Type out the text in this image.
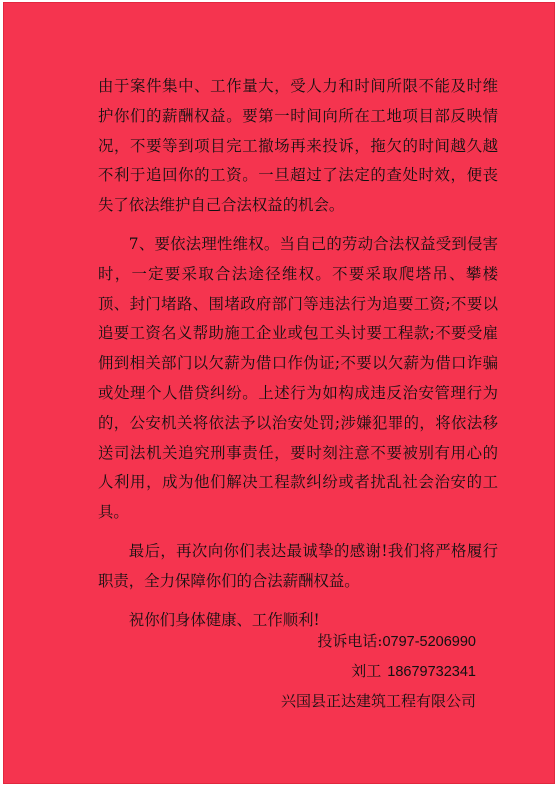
由于案件集中、工作量大，受人力和时间所限不能及时维护你们的薪酬权益。要第一时间向所在工地项目部反映情况，不要等到项目完工撤场再来投诉，拖欠的时间越久越不利于追回你的工资。一旦超过了法定的查处时效，便丧失了依法维护自己合法权益的机会。

7、要依法理性维权。当自己的劳动合法权益受到侵害时，一定要采取合法途径维权。不要采取爬塔吊、攀楼顶、封门堵路、围堵政府部门等违法行为追要工资;不要以追要工资名义帮助施工企业或包工头讨要工程款;不要受雇佣到相关部门以欠薪为借口作伪证;不要以欠薪为借口诈骗或处理个人借贷纠纷。上述行为如构成违反治安管理行为的，公安机关将依法予以治安处罚;涉嫌犯罪的，将依法移送司法机关追究刑事责任，要时刻注意不要被别有用心的人利用，成为他们解决工程款纠纷或者扰乱社会治安的工具。

最后，再次向你们表达最诚挚的感谢!我们将严格履行职责，全力保障你们的合法薪酬权益。

祝你们身体健康、工作顺利!

投诉电话:0797-5206990
刘工 18679732341
兴国县正达建筑工程有限公司
